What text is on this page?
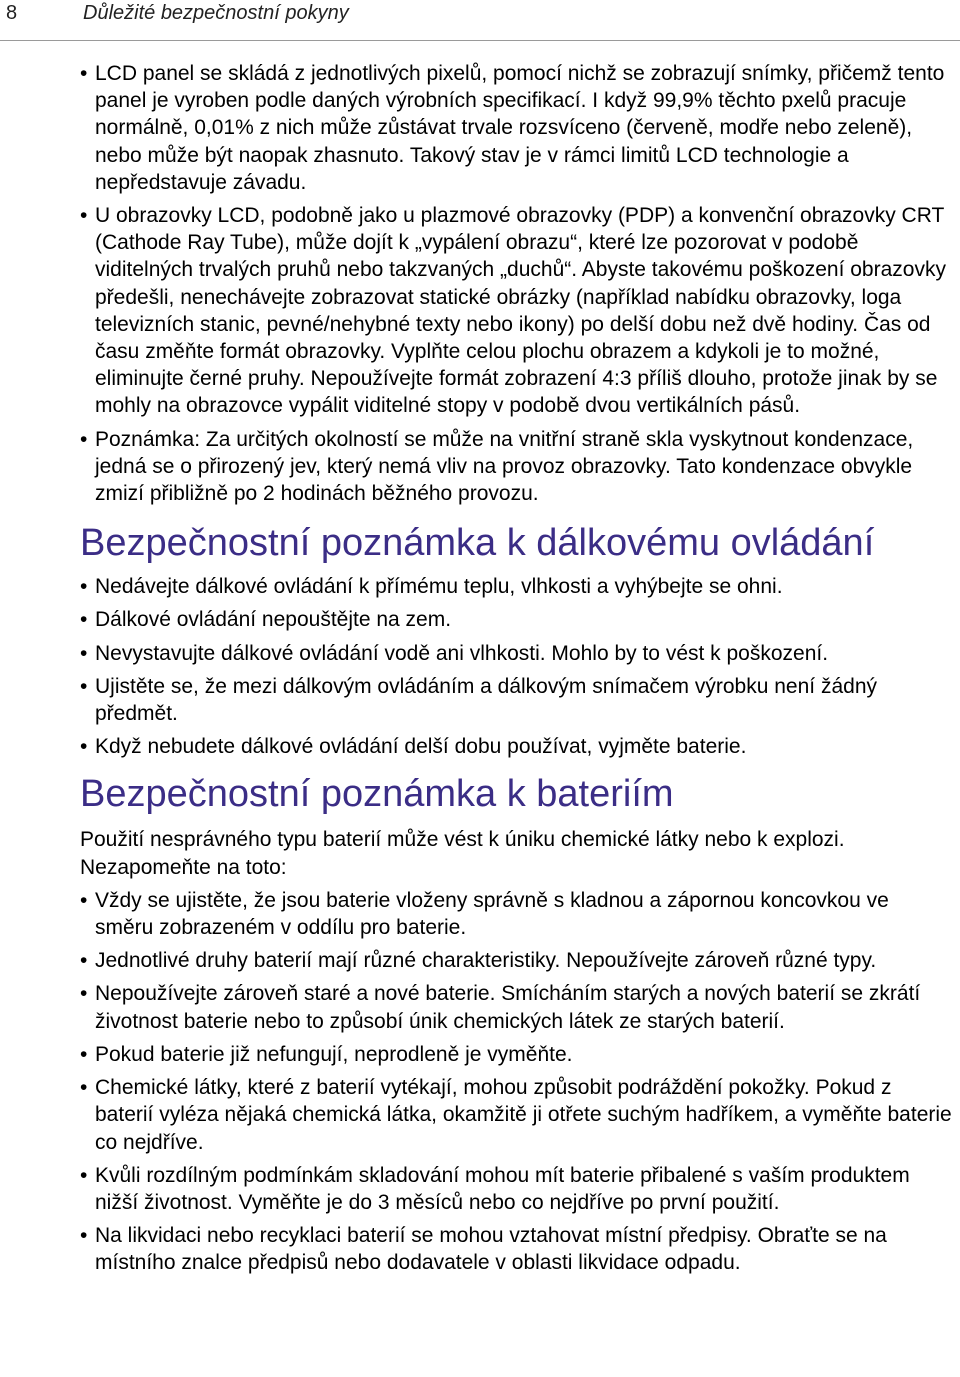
8	Důležité bezpečnostní pokyny
• LCD panel se skládá z jednotlivých pixelů, pomocí nichž se zobrazují snímky, přičemž tento panel je vyroben podle daných výrobních specifikací. I když 99,9% těchto pxelů pracuje normálně, 0,01% z nich může zůstávat trvale rozsvíceno (červeně, modře nebo zeleně), nebo může být naopak zhasnuto. Takový stav je v rámci limitů LCD technologie a nepředstavuje závadu.
• U obrazovky LCD, podobně jako u plazmové obrazovky (PDP) a konvenční obrazovky CRT (Cathode Ray Tube), může dojít k „vypálení obrazu“, které lze pozorovat v podobě viditelných trvalých pruhů nebo takzvaných „duchů“. Abyste takovému poškození obrazovky předešli, nenechávejte zobrazovat statické obrázky (například nabídku obrazovky, loga televizních stanic, pevné/nehybné texty nebo ikony) po delší dobu než dvě hodiny. Čas od času změňte formát obrazovky. Vyplňte celou plochu obrazem a kdykoli je to možné, eliminujte černé pruhy. Nepoužívejte formát zobrazení 4:3 příliš dlouho, protože jinak by se mohly na obrazovce vypálit viditelné stopy v podobě dvou vertikálních pásů.
• Poznámka: Za určitých okolností se může na vnitřní straně skla vyskytnout kondenzace, jedná se o přirozený jev, který nemá vliv na provoz obrazovky. Tato kondenzace obvykle zmizí přibližně po 2 hodinách běžného provozu.
Bezpečnostní poznámka k dálkovému ovládání
• Nedávejte dálkové ovládání k přímému teplu, vlhkosti a vyhýbejte se ohni.
• Dálkové ovládání nepouštějte na zem.
• Nevystavujte dálkové ovládání vodě ani vlhkosti. Mohlo by to vést k poškození.
• Ujistěte se, že mezi dálkovým ovládáním a dálkovým snímačem výrobku není žádný předmět.
• Když nebudete dálkové ovládání delší dobu používat, vyjměte baterie.
Bezpečnostní poznámka k bateriím

Použití nesprávného typu baterií může vést k úniku chemické látky nebo k explozi. Nezapomeňte na toto:

• Vždy se ujistěte, že jsou baterie vloženy správně s kladnou a zápornou koncovkou ve směru zobrazeném v oddílu pro baterie.
• Jednotlivé druhy baterií mají různé charakteristiky. Nepoužívejte zároveň různé typy.
• Nepoužívejte zároveň staré a nové baterie. Smícháním starých a nových baterií se zkrátí životnost baterie nebo to způsobí únik chemických látek ze starých baterií.
• Pokud baterie již nefungují, neprodleně je vyměňte.
• Chemické látky, které z baterií vytékají, mohou způsobit podráždění pokožky. Pokud z baterií vyléza nějaká chemická látka, okamžitě ji otřete suchým hadříkem, a vyměňte baterie co nejdříve.
• Kvůli rozdílným podmínkám skladování mohou mít baterie přibalené s vaším produktem nižší životnost. Vyměňte je do 3 měsíců nebo co nejdříve po první použití.
• Na likvidaci nebo recyklaci baterií se mohou vztahovat místní předpisy. Obraťte se na místního znalce předpisů nebo dodavatele v oblasti likvidace odpadu.
